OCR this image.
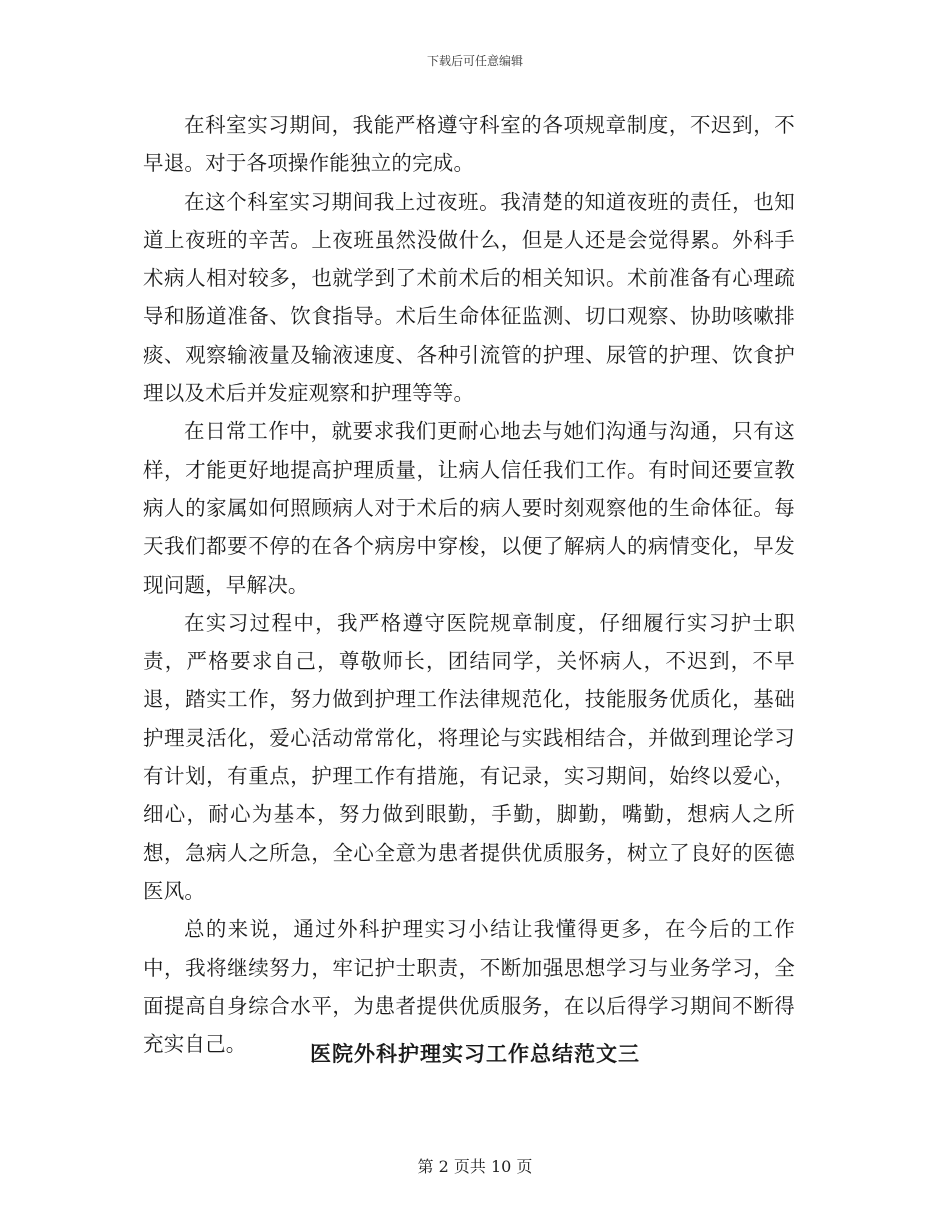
下载后可任意编辑

在科室实习期间，我能严格遵守科室的各项规章制度，不迟到，不早退。对于各项操作能独立的完成。

在这个科室实习期间我上过夜班。我清楚的知道夜班的责任，也知道上夜班的辛苦。上夜班虽然没做什么，但是人还是会觉得累。外科手术病人相对较多，也就学到了术前术后的相关知识。术前准备有心理疏导和肠道准备、饮食指导。术后生命体征监测、切口观察、协助咳嗽排痰、观察输液量及输液速度、各种引流管的护理、尿管的护理、饮食护理以及术后并发症观察和护理等等。

在日常工作中，就要求我们更耐心地去与她们沟通与沟通，只有这样，才能更好地提高护理质量，让病人信任我们工作。有时间还要宣教病人的家属如何照顾病人对于术后的病人要时刻观察他的生命体征。每天我们都要不停的在各个病房中穿梭，以便了解病人的病情变化，早发现问题，早解决。

在实习过程中，我严格遵守医院规章制度，仔细履行实习护士职责，严格要求自己，尊敬师长，团结同学，关怀病人，不迟到，不早退，踏实工作，努力做到护理工作法律规范化，技能服务优质化，基础护理灵活化，爱心活动常常化，将理论与实践相结合，并做到理论学习有计划，有重点，护理工作有措施，有记录，实习期间，始终以爱心，细心，耐心为基本，努力做到眼勤，手勤，脚勤，嘴勤，想病人之所想，急病人之所急，全心全意为患者提供优质服务，树立了良好的医德医风。

总的来说，通过外科护理实习小结让我懂得更多，在今后的工作中，我将继续努力，牢记护士职责，不断加强思想学习与业务学习，全面提高自身综合水平，为患者提供优质服务，在以后得学习期间不断得充实自己。	医院外科护理实习工作总结范文三
第 2 页共 10 页
